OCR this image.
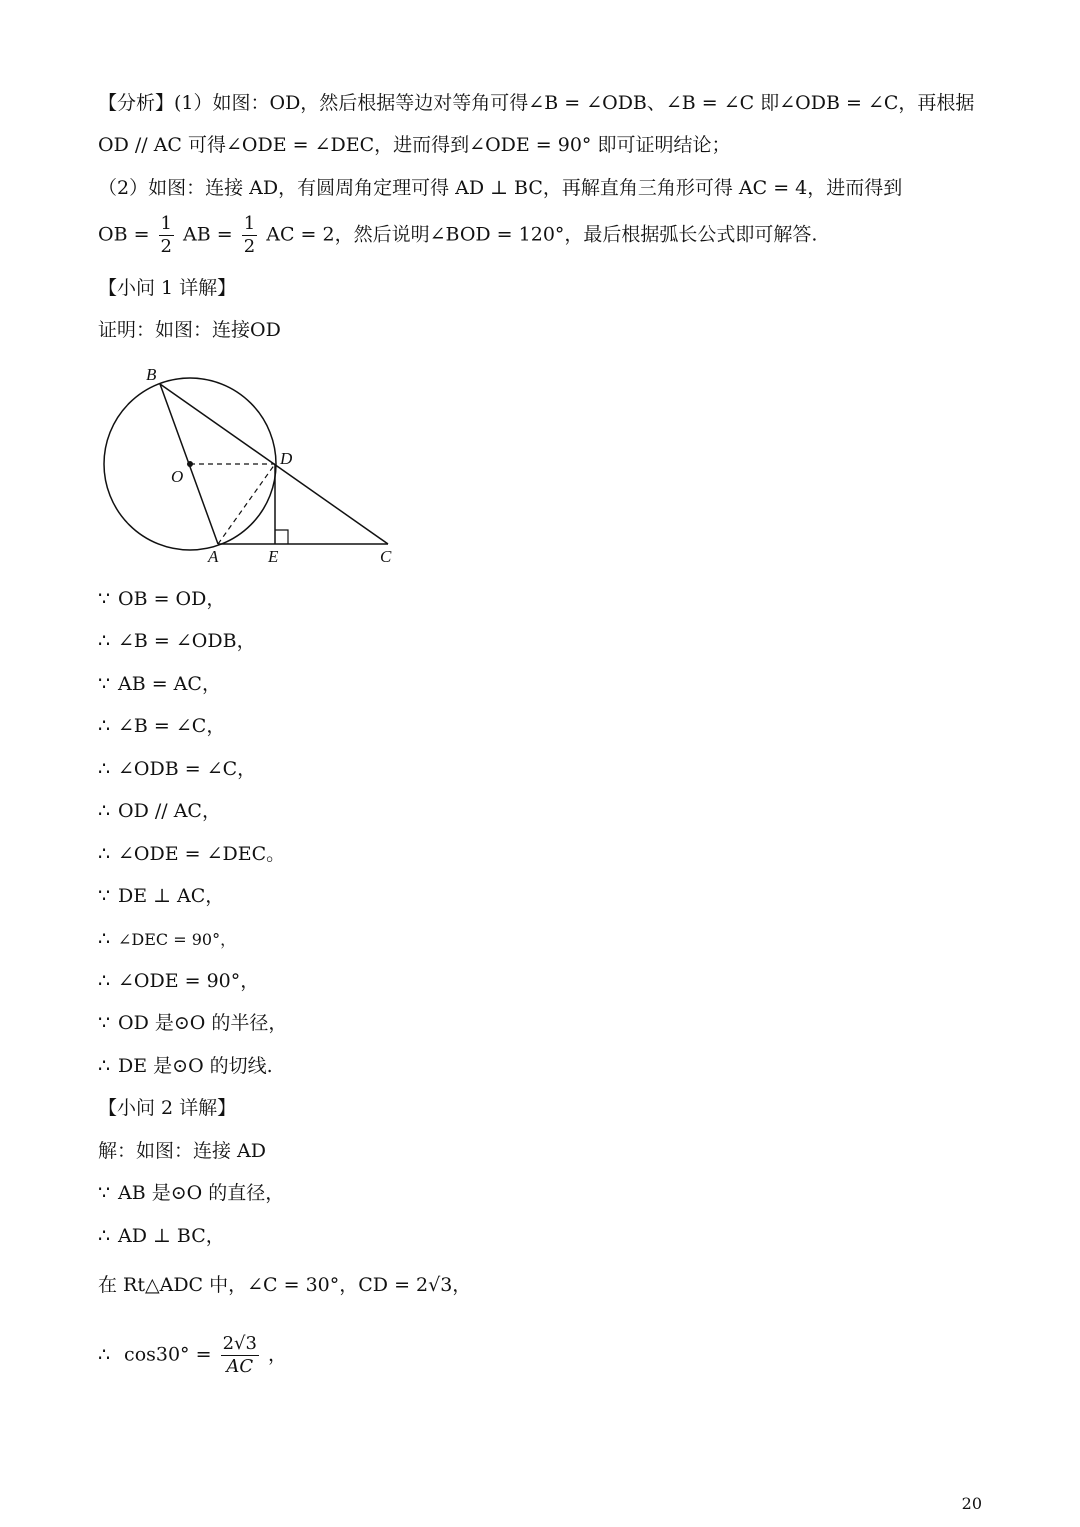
【分析】(1）如图：OD，然后根据等边对等角可得∠B = ∠ODB、∠B = ∠C 即∠ODB = ∠C，再根据
OD // AC 可得∠ODE = ∠DEC，进而得到∠ODE = 90° 即可证明结论；
（2）如图：连接 AD，有圆周角定理可得 AD ⊥ BC，再解直角三角形可得 AC = 4，进而得到
OB = $\frac{1}{2}$ AB = $\frac{1}{2}$ AC = 2，然后说明∠BOD = 120°，最后根据弧长公式即可解答.
【小问 1 详解】
证明：如图：连接OD
B
O
D
A	E	C
∵ OB = OD，
∴ ∠B = ∠ODB，
∵ AB = AC，
∴ ∠B = ∠C，
∴ ∠ODB = ∠C，
∴ OD // AC，
∴ ∠ODE = ∠DEC。
∵ DE ⊥ AC，
∴ ∠DEC = 90°，
∴ ∠ODE = 90°，
∵ OD 是⊙O 的半径，
∴ DE 是⊙O 的切线.
【小问 2 详解】
解：如图：连接 AD
∵ AB 是⊙O 的直径，
∴ AD ⊥ BC，
在 Rt△ADC 中，∠C = 30°，CD = 2√3，
∴ $\cos 30^\circ = \frac{2√3}{AC}$ ，
20
